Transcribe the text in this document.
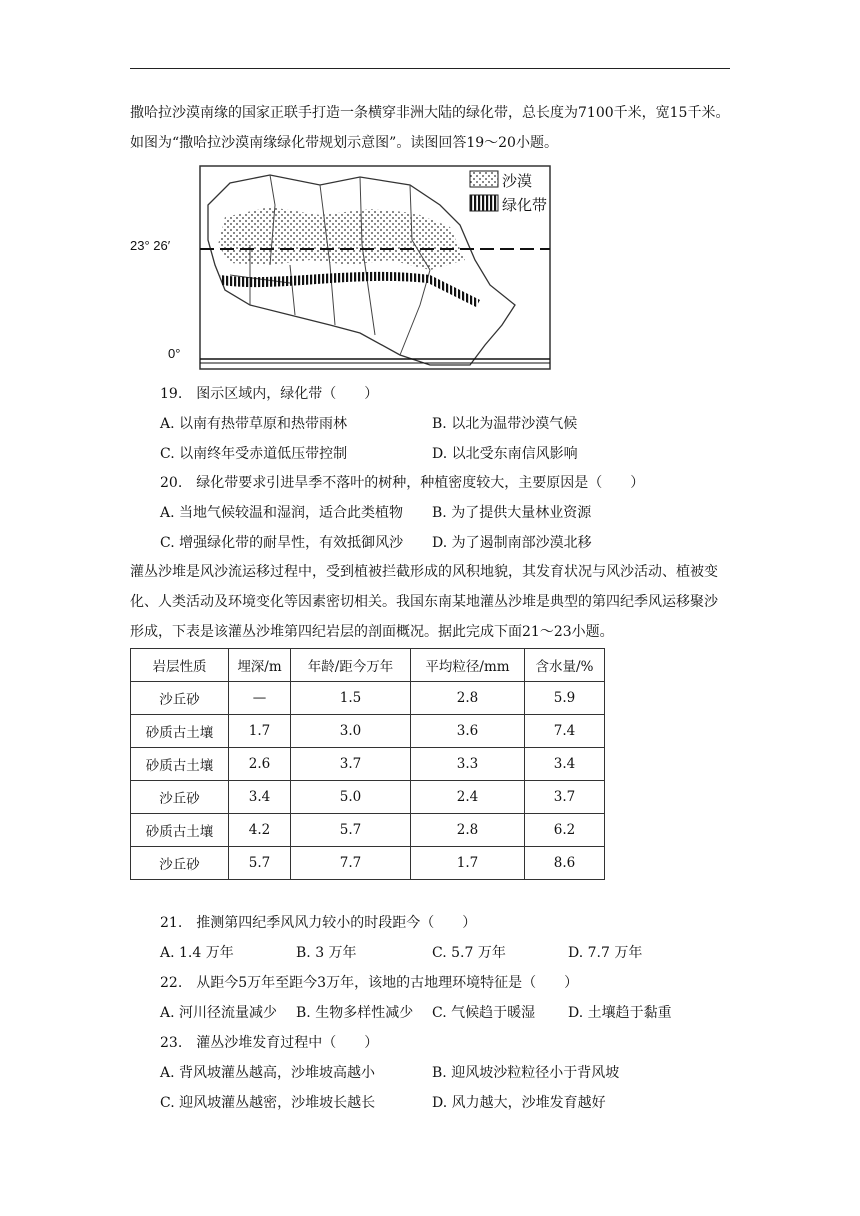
撒哈拉沙漠南缘的国家正联手打造一条横穿非洲大陆的绿化带，总长度为7100千米，宽15千米。如图为“撒哈拉沙漠南缘绿化带规划示意图”。读图回答19～20小题。

23° 26′
0°
沙漠
绿化带
19.　图示区域内，绿化带（　　）
A. 以南有热带草原和热带雨林	B. 以北为温带沙漠气候
C. 以南终年受赤道低压带控制	D. 以北受东南信风影响
20.　绿化带要求引进旱季不落叶的树种，种植密度较大，主要原因是（　　）
A. 当地气候较温和湿润，适合此类植物 B. 为了提供大量林业资源
C. 增强绿化带的耐旱性，有效抵御风沙 D. 为了遏制南部沙漠北移

灌丛沙堆是风沙流运移过程中，受到植被拦截形成的风积地貌，其发育状况与风沙活动、植被变化、人类活动及环境变化等因素密切相关。我国东南某地灌丛沙堆是典型的第四纪季风运移聚沙形成，下表是该灌丛沙堆第四纪岩层的剖面概况。据此完成下面21～23小题。

岩层性质	埋深/m	年龄/距今万年	平均粒径/mm	含水量/%
沙丘砂	—	1.5	2.8	5.9
砂质古土壤	1.7	3.0	3.6	7.4
砂质古土壤	2.6	3.7	3.3	3.4
沙丘砂	3.4	5.0	2.4	3.7
砂质古土壤	4.2	5.7	2.8	6.2
沙丘砂	5.7	7.7	1.7	8.6
21.　推测第四纪季风风力较小的时段距今（　　）
A. 1.4 万年	B. 3 万年	C. 5.7 万年	D. 7.7 万年
22.　从距今5万年至距今3万年，该地的古地理环境特征是（　　）
A. 河川径流量减少 B. 生物多样性减少 C. 气候趋于暖湿 D. 土壤趋于黏重
23.　灌丛沙堆发育过程中（　　）
A. 背风坡灌丛越高，沙堆坡高越小	B. 迎风坡沙粒粒径小于背风坡
C. 迎风坡灌丛越密，沙堆坡长越长	D. 风力越大，沙堆发育越好
